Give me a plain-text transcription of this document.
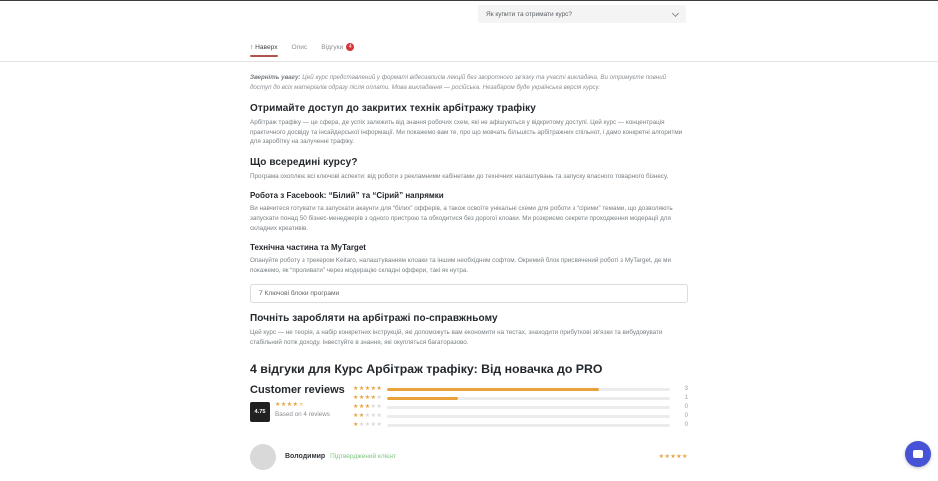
Як купити та отримати курс?
↑ Наверх Опис Відгуки	4
Зверніть увагу: Цей курс представлений у форматі відеозаписів лекцій без зворотного зв'язку та участі викладача. Ви отримуєте повний доступ до всіх матеріалів одразу після оплати. Мова викладання — російська. Незабаром буде українська версія курсу.
Отримайте доступ до закритих технік арбітражу трафіку

Арбітраж трафіку — це сфера, де успіх залежить від знання робочих схем, які не афішуються у відкритому доступі. Цей курс — концентрація практичного досвіду та інсайдерської інформації. Ми покажемо вам те, про що мовчать більшість арбітражних спільнот, і дамо конкретні алгоритми для заробітку на залученні трафіку.

Що всередині курсу?

Програма охоплює всі ключові аспекти: від роботи з рекламними кабінетами до технічних налаштувань та запуску власного товарного бізнесу.

Робота з Facebook: “Білий” та “Сірий” напрямки

Ви навчитеся готувати та запускати акаунти для “білих” офферів, а також освоїте унікальні схеми для роботи з “сірими” темами, що дозволяють запускати понад 50 бізнес-менеджерів з одного пристрою та обходитися без дорогої клоаки. Ми розкриємо секрети проходження модерації для складних креативів.

Технічна частина та MyTarget

Опануйте роботу з трекером Keitaro, налаштуванням клоаки та іншим необхідним софтом. Окремий блок присвячений роботі з MyTarget, де ми покажемо, як “проливати” через модерацію складні оффери, такі як нутра.

7 Ключові блоки програми
Почніть заробляти на арбітражі по-справжньому

Цей курс — не теорія, а набір конкретних інструкцій, які допоможуть вам економити на тестах, знаходити прибуткові зв'язки та вибудовувати стабільний потік доходу. Інвестуйте в знання, які окупляться багаторазово.

4 відгуки для Курс Арбітраж трафіку: Від новачка до PRO
Customer reviews
4.75
★★★★★
Based on 4 reviews
★★★★★	3
★★★★★	1
★★★★★	0
★★★★★	0
★★★★★	0
Володимир Підтверджений клієнт	★★★★★
